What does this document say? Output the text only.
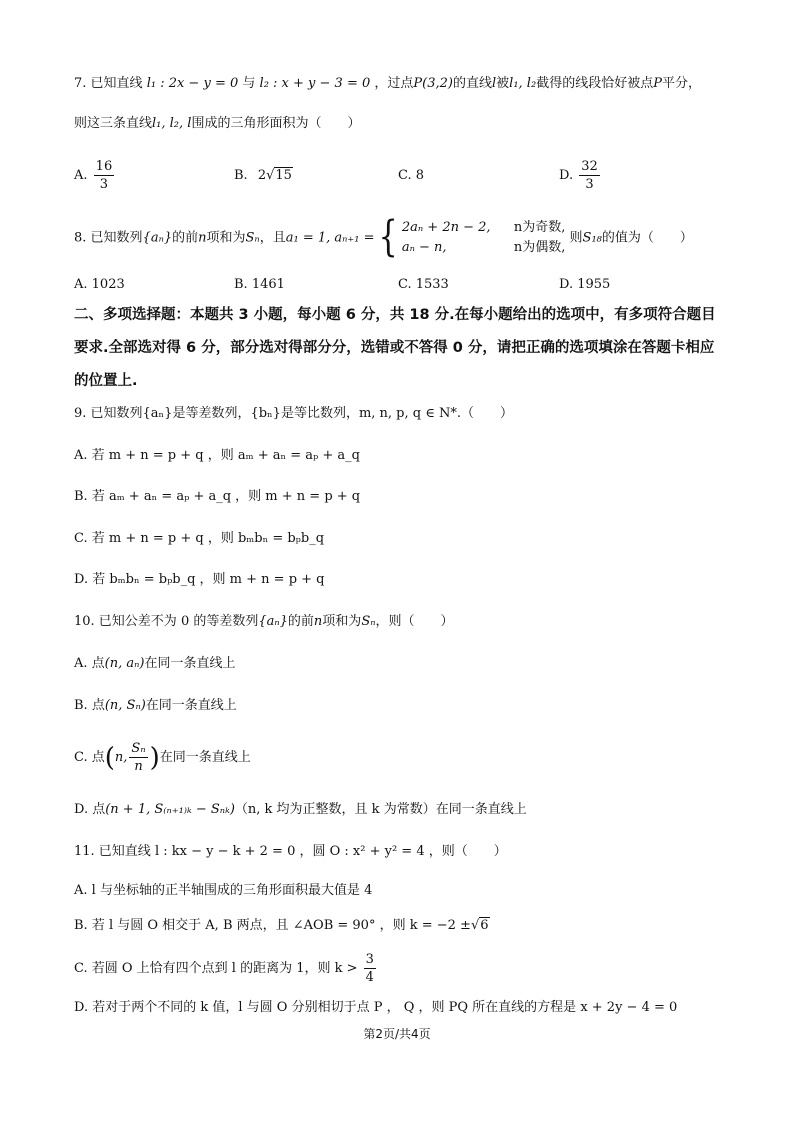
7. 已知直线 l₁ : 2x − y = 0 与 l₂ : x + y − 3 = 0 ，过点P(3,2)的直线l被l₁, l₂截得的线段恰好被点P平分，
则这三条直线l₁, l₂, l围成的三角形面积为（　　）
A. $\frac{16}{3}$	B. 2√15	C. 8	D. $\frac{32}{3}$
8. 已知数列{aₙ}的前n项和为Sₙ，且a₁ = 1, aₙ₊₁ = { 2aₙ + 2n − 2, n为奇数,
aₙ − n,	n为偶数,
则S₁₈的值为（　　）
A. 1023	B. 1461	C. 1533	D. 1955
二、多项选择题：本题共 3 小题，每小题 6 分，共 18 分.在每小题给出的选项中，有多项符合题目要求.全部选对得 6 分，部分选对得部分分，选错或不答得 0 分，请把正确的选项填涂在答题卡相应的位置上.
9. 已知数列{aₙ}是等差数列，{bₙ}是等比数列，m, n, p, q ∈ N*.（　　）
A. 若 m + n = p + q ，则 aₘ + aₙ = aₚ + a_q
B. 若 aₘ + aₙ = aₚ + a_q ，则 m + n = p + q
C. 若 m + n = p + q ，则 bₘbₙ = bₚb_q
D. 若 bₘbₙ = bₚb_q ，则 m + n = p + q
10. 已知公差不为 0 的等差数列{aₙ}的前n项和为Sₙ，则（　　）
A. 点(n, aₙ)在同一条直线上
B. 点(n, Sₙ)在同一条直线上
C. 点(n, $\frac{\text{Sₙ}}{n}$ )在同一条直线上
D. 点(n + 1, S₍ₙ₊₁₎ₖ − Sₙₖ)（n, k 均为正整数，且 k 为常数）在同一条直线上
11. 已知直线 l : kx − y − k + 2 = 0 ，圆 O : x² + y² = 4 ，则（　　）
A. l 与坐标轴的正半轴围成的三角形面积最大值是 4
B. 若 l 与圆 O 相交于 A, B 两点，且 ∠AOB = 90° ，则 k = −2 ±√6
C. 若圆 O 上恰有四个点到 l 的距离为 1，则 $k > \frac{3}{4}$
D. 若对于两个不同的 k 值，l 与圆 O 分别相切于点 P ， Q ，则 PQ 所在直线的方程是 x + 2y − 4 = 0
第2页/共4页
